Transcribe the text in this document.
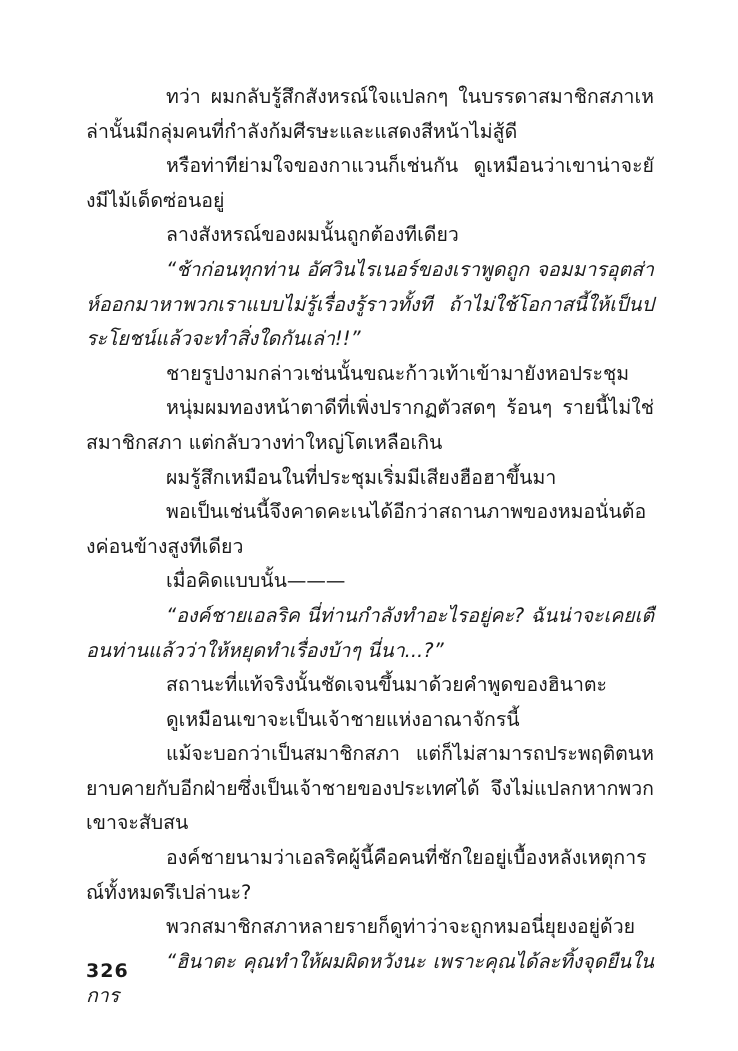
ทว่า ผมกลับรู้สึกสังหรณ์ใจแปลกๆ ในบรรดาสมาชิกสภาเหล่านั้นมีกลุ่มคนที่กำลังก้มศีรษะและแสดงสีหน้าไม่สู้ดี

หรือท่าทีย่ามใจของกาแวนก็เช่นกัน ดูเหมือนว่าเขาน่าจะยังมีไม้เด็ดซ่อนอยู่

ลางสังหรณ์ของผมนั้นถูกต้องทีเดียว

“ช้าก่อนทุกท่าน อัศวินไรเนอร์ของเราพูดถูก จอมมารอุตส่าห์ออกมาหาพวกเราแบบไม่รู้เรื่องรู้ราวทั้งที ถ้าไม่ใช้โอกาสนี้ให้เป็นประโยชน์แล้วจะทำสิ่งใดกันเล่า!!”

ชายรูปงามกล่าวเช่นนั้นขณะก้าวเท้าเข้ามายังหอประชุม

หนุ่มผมทองหน้าตาดีที่เพิ่งปรากฏตัวสดๆ ร้อนๆ รายนี้ไม่ใช่สมาชิกสภา แต่กลับวางท่าใหญ่โตเหลือเกิน

ผมรู้สึกเหมือนในที่ประชุมเริ่มมีเสียงฮือฮาขึ้นมา

พอเป็นเช่นนี้จึงคาดคะเนได้อีกว่าสถานภาพของหมอนั่นต้องค่อนข้างสูงทีเดียว

เมื่อคิดแบบนั้น———

“องค์ชายเอลริค นี่ท่านกำลังทำอะไรอยู่คะ? ฉันน่าจะเคยเตือนท่านแล้วว่าให้หยุดทำเรื่องบ้าๆ นี่นา...?”

สถานะที่แท้จริงนั้นชัดเจนขึ้นมาด้วยคำพูดของฮินาตะ

ดูเหมือนเขาจะเป็นเจ้าชายแห่งอาณาจักรนี้

แม้จะบอกว่าเป็นสมาชิกสภา แต่ก็ไม่สามารถประพฤติตนหยาบคายกับอีกฝ่ายซึ่งเป็นเจ้าชายของประเทศได้ จึงไม่แปลกหากพวกเขาจะสับสน

องค์ชายนามว่าเอลริคผู้นี้คือคนที่ชักใยอยู่เบื้องหลังเหตุการณ์ทั้งหมดรึเปล่านะ?

พวกสมาชิกสภาหลายรายก็ดูท่าว่าจะถูกหมอนี่ยุยงอยู่ด้วย

“ฮินาตะ คุณทำให้ผมผิดหวังนะ เพราะคุณได้ละทิ้งจุดยืนในการ

326
